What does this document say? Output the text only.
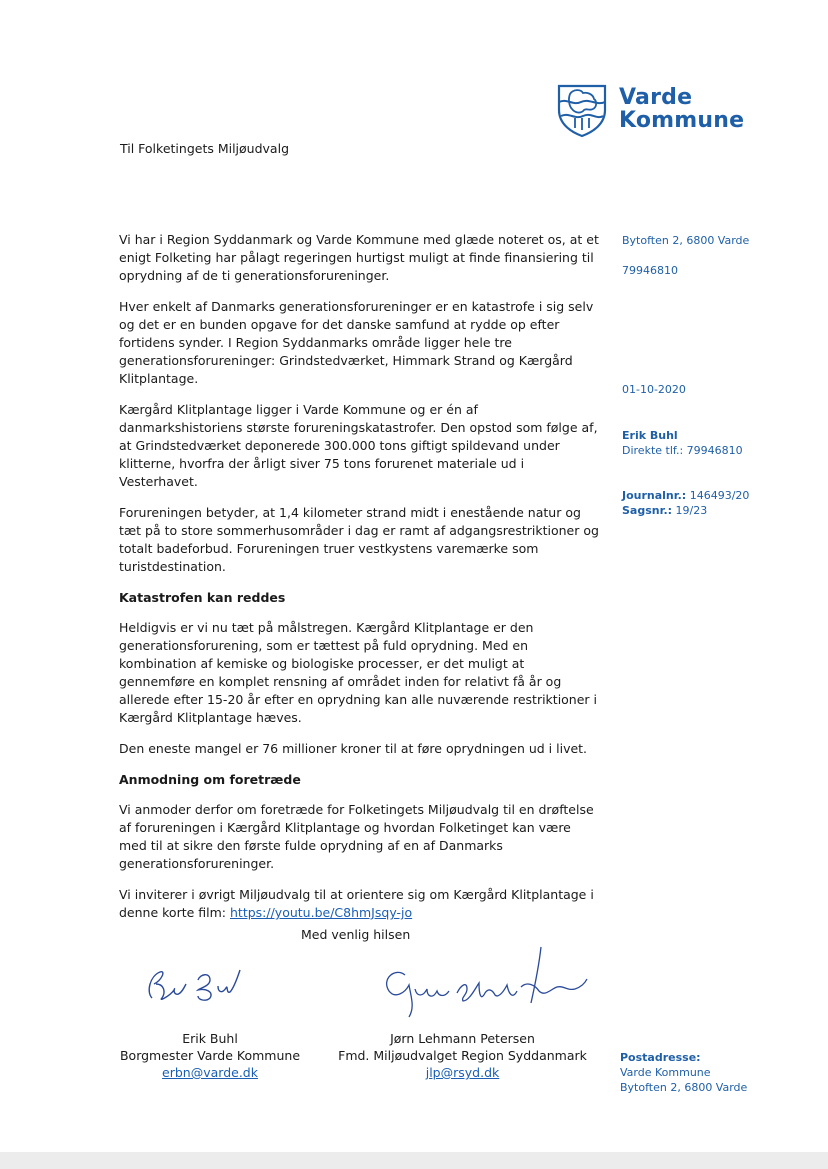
Varde
Kommune
Til Folketingets Miljøudvalg

Vi har i Region Syddanmark og Varde Kommune med glæde noteret os, at et enigt Folketing har pålagt regeringen hurtigst muligt at finde finansiering til oprydning af de ti generationsforureninger.

Hver enkelt af Danmarks generationsforureninger er en katastrofe i sig selv og det er en bunden opgave for det danske samfund at rydde op efter fortidens synder. I Region Syddanmarks område ligger hele tre generationsforureninger: Grindstedværket, Himmark Strand og Kærgård Klitplantage.

Kærgård Klitplantage ligger i Varde Kommune og er én af danmarkshistoriens største forureningskatastrofer. Den opstod som følge af, at Grindstedværket deponerede 300.000 tons giftigt spildevand under klitterne, hvorfra der årligt siver 75 tons forurenet materiale ud i Vesterhavet.

Forureningen betyder, at 1,4 kilometer strand midt i enestående natur og tæt på to store sommerhusområder i dag er ramt af adgangsrestriktioner og totalt badeforbud. Forureningen truer vestkystens varemærke som turistdestination.

Katastrofen kan reddes

Heldigvis er vi nu tæt på målstregen. Kærgård Klitplantage er den generationsforurening, som er tættest på fuld oprydning. Med en kombination af kemiske og biologiske processer, er det muligt at gennemføre en komplet rensning af området inden for relativt få år og allerede efter 15-20 år efter en oprydning kan alle nuværende restriktioner i Kærgård Klitplantage hæves.

Den eneste mangel er 76 millioner kroner til at føre oprydningen ud i livet.

Anmodning om foretræde

Vi anmoder derfor om foretræde for Folketingets Miljøudvalg til en drøftelse af forureningen i Kærgård Klitplantage og hvordan Folketinget kan være med til at sikre den første fulde oprydning af en af Danmarks generationsforureninger.

Vi inviterer i øvrigt Miljøudvalg til at orientere sig om Kærgård Klitplantage i denne korte film: https://youtu.be/C8hmJsqy-jo

Med venlig hilsen
Bytoften 2, 6800 Varde
79946810
01-10-2020
Erik Buhl
Direkte tlf.: 79946810
Journalnr.: 146493/20
Sagsnr.: 19/23
Erik Buhl
Borgmester Varde Kommune
erbn@varde.dk
Jørn Lehmann Petersen
Fmd. Miljøudvalget Region Syddanmark
jlp@rsyd.dk
Postadresse:
Varde Kommune
Bytoften 2, 6800 Varde
